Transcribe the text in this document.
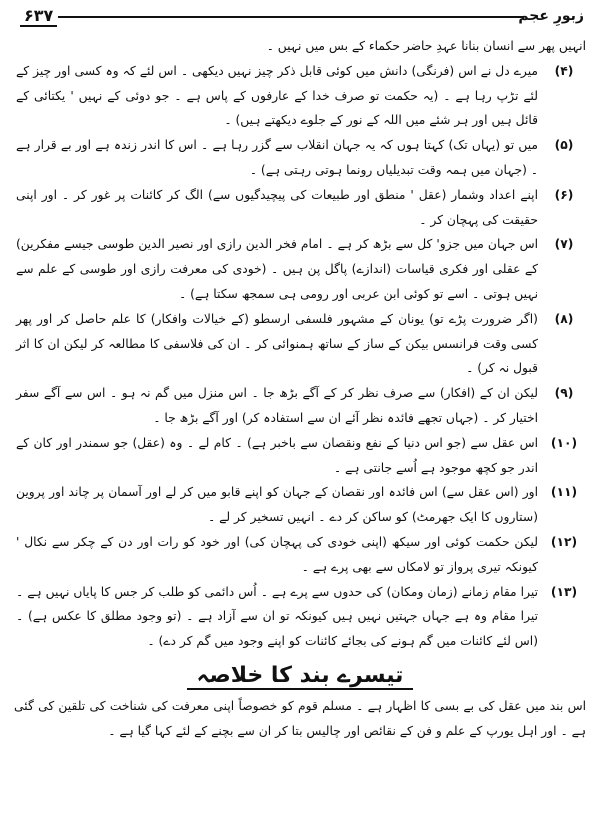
زبورِ عجم
۶۳۷
انہیں پھر سے انسان بنانا عہدِ حاضر حکماء کے بس میں نہیں ۔
(۴)
میرے دل نے اس (فرنگی) دانش میں کوئی قابل ذکر چیز نہیں دیکھی ۔ اس لئے کہ وہ کسی اور چیز کے لئے تڑپ رہا ہے ۔ (یہ حکمت تو صرف خدا کے عارفوں کے پاس ہے ۔ جو دوئی کے نہیں ' یکتائی کے قائل ہیں اور ہر شئے میں اللہ کے نور کے جلوے دیکھتے ہیں) ۔
(۵)
میں تو (یہاں تک) کہتا ہوں کہ یہ جہان انقلاب سے گزر رہا ہے ۔ اس کا اندر زندہ ہے اور بے قرار ہے ۔ (جہان میں ہمہ وقت تبدیلیاں رونما ہوتی رہتی ہے) ۔
(۶)
اپنے اعداد وشمار (عقل ' منطق اور طبیعات کی پیچیدگیوں سے) الگ کر کائنات پر غور کر ۔ اور اپنی حقیقت کی پہچان کر ۔
(۷)
اس جہان میں جزو' کل سے بڑھ کر ہے ۔ امام فخر الدین رازی اور نصیر الدین طوسی جیسے مفکرین) کے عقلی اور فکری قیاسات (اندازے) پاگل پن ہیں ۔ (خودی کی معرفت رازی اور طوسی کے علم سے نہیں ہوتی ۔ اسے تو کوئی ابن عربی اور رومی ہی سمجھ سکتا ہے) ۔
(۸)
(اگر ضرورت پڑے تو) یونان کے مشہور فلسفی ارسطو (کے خیالات وافکار) کا علم حاصل کر اور پھر کسی وقت فرانسس بیکن کے ساز کے ساتھ ہمنوائی کر ۔ ان کی فلاسفی کا مطالعہ کر لیکن ان کا اثر قبول نہ کر) ۔
(۹)
لیکن ان کے (افکار) سے صرف نظر کر کے آگے بڑھ جا ۔ اس منزل میں گم نہ ہو ۔ اس سے آگے سفر اختیار کر ۔ (جہاں تجھے فائدہ نظر آئے ان سے استفادہ کر) اور آگے بڑھ جا ۔
(۱۰)
اس عقل سے (جو اس دنیا کے نفع ونقصان سے باخبر ہے) ۔ کام لے ۔ وہ (عقل) جو سمندر اور کان کے اندر جو کچھ موجود ہے اُسے جانتی ہے ۔
(۱۱)
اور (اس عقل سے) اس فائدہ اور نقصان کے جہان کو اپنے قابو میں کر لے اور آسمان پر چاند اور پروین (ستاروں کا ایک جھرمٹ) کو ساکن کر دے ۔ انہیں تسخیر کر لے ۔
(۱۲)
لیکن حکمت کوئی اور سیکھ (اپنی خودی کی پہچان کی) اور خود کو رات اور دن کے چکر سے نکال ' کیونکہ تیری پرواز تو لامکاں سے بھی پرے ہے ۔
(۱۳)
تیرا مقام زمانے (زمان ومکان) کی حدوں سے پرے ہے ۔ اُس دائمی کو طلب کر جس کا پایاں نہیں ہے ۔ تیرا مقام وہ ہے جہاں جہتیں نہیں ہیں کیونکہ تو ان سے آزاد ہے ۔ (تو وجود مطلق کا عکس ہے) ۔ (اس لئے کائنات میں گم ہونے کی بجائے کائنات کو اپنے وجود میں گم کر دے) ۔
تیسرے بند کا خلاصہ
اس بند میں عقل کی بے بسی کا اظہار ہے ۔ مسلم قوم کو خصوصاً اپنی معرفت کی شناخت کی تلقین کی گئی ہے ۔ اور اہل یورپ کے علم و فن کے نقائص اور چالیس بتا کر ان سے بچنے کے لئے کہا گیا ہے ۔
